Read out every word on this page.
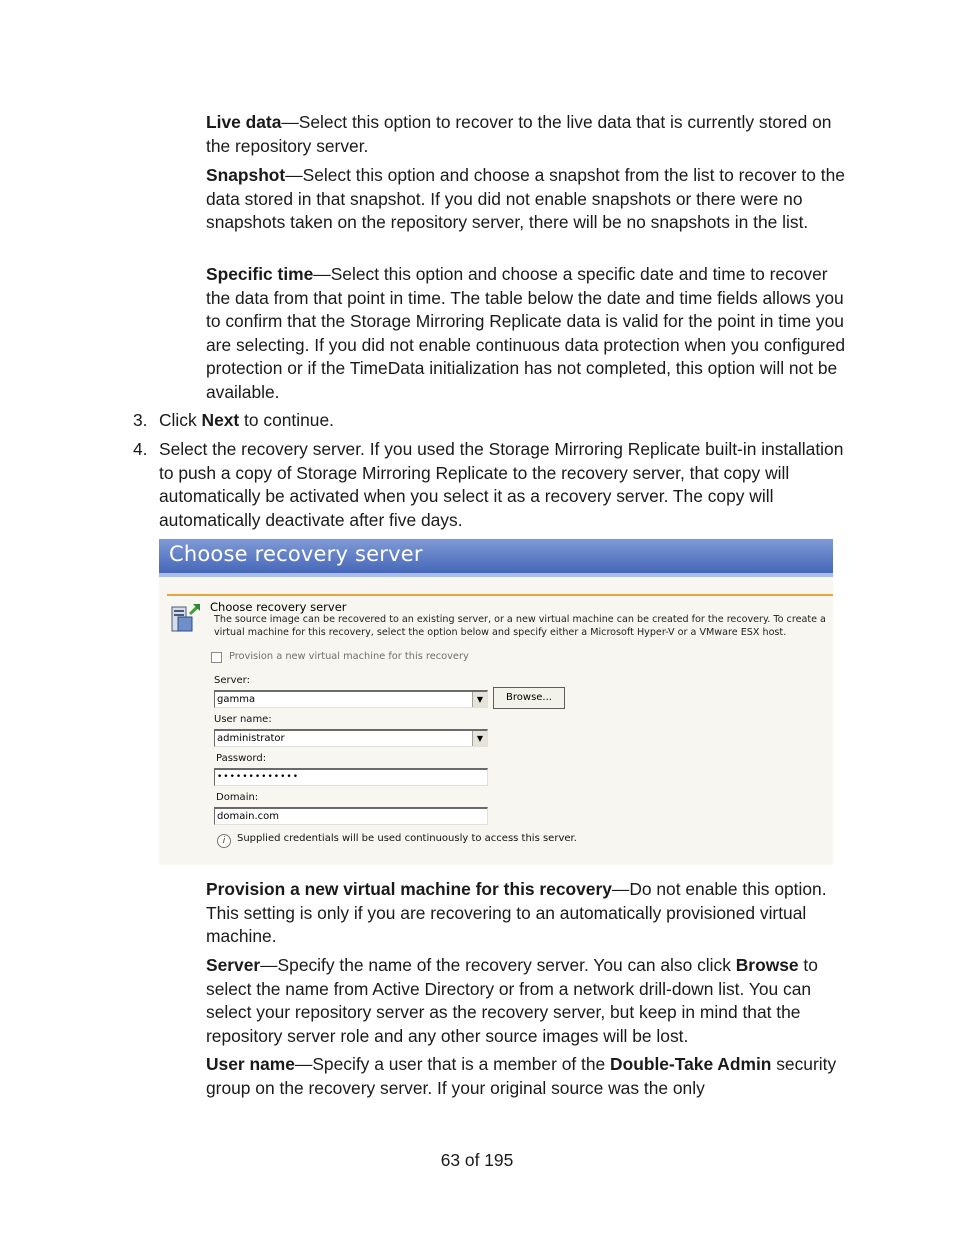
Live data—Select this option to recover to the live data that is currently stored on the repository server.

Snapshot—Select this option and choose a snapshot from the list to recover to the data stored in that snapshot. If you did not enable snapshots or there were no snapshots taken on the repository server, there will be no snapshots in the list.

Specific time—Select this option and choose a specific date and time to recover the data from that point in time. The table below the date and time fields allows you to confirm that the Storage Mirroring Replicate data is valid for the point in time you are selecting. If you did not enable continuous data protection when you configured protection or if the TimeData initialization has not completed, this option will not be available.

3. Click Next to continue.
4. Select the recovery server. If you used the Storage Mirroring Replicate built-in installation to push a copy of Storage Mirroring Replicate to the recovery server, that copy will automatically be activated when you select it as a recovery server. The copy will automatically deactivate after five days.
Choose recovery server
Choose recovery server
The source image can be recovered to an existing server, or a new virtual machine can be created for the recovery. To create a virtual machine for this recovery, select the option below and specify either a Microsoft Hyper-V or a VMware ESX host.
Provision a new virtual machine for this recovery
Server:
gamma	▼	Browse...
User name:
administrator	▼
Password:
•••••••••••••
Domain:
domain.com
i	Supplied credentials will be used continuously to access this server.

Provision a new virtual machine for this recovery—Do not enable this option. This setting is only if you are recovering to an automatically provisioned virtual machine.

Server—Specify the name of the recovery server. You can also click Browse to select the name from Active Directory or from a network drill-down list. You can select your repository server as the recovery server, but keep in mind that the repository server role and any other source images will be lost.

User name—Specify a user that is a member of the Double-Take Admin security group on the recovery server. If your original source was the only

63 of 195
